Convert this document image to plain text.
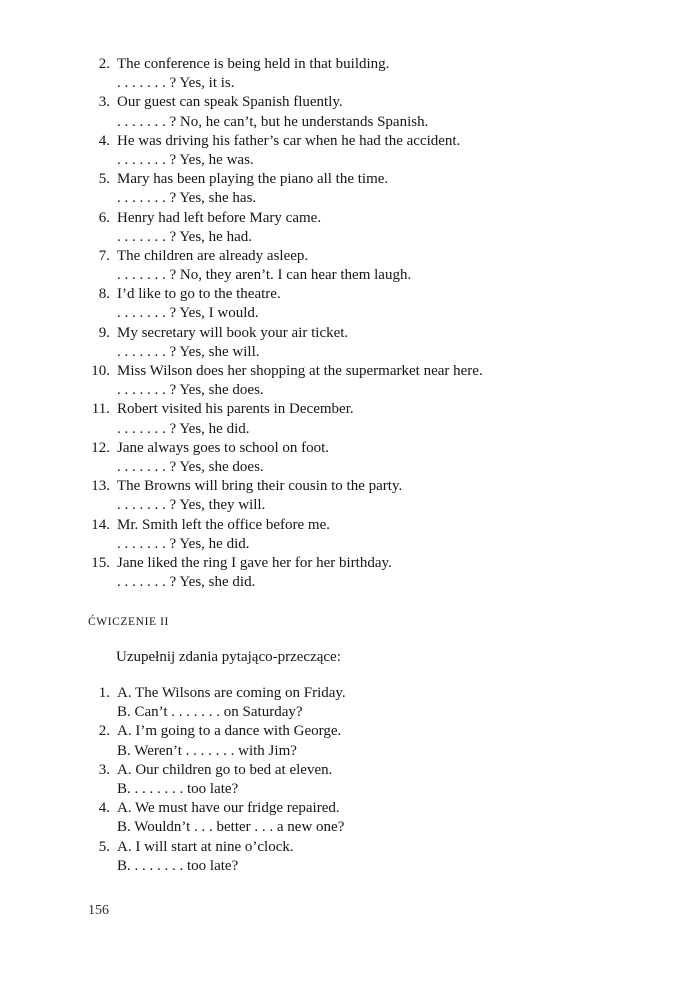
2. The conference is being held in that building.
. . . . . . . ? Yes, it is.
3. Our guest can speak Spanish fluently.
. . . . . . . ? No, he can’t, but he understands Spanish.
4. He was driving his father’s car when he had the accident.
. . . . . . . ? Yes, he was.
5. Mary has been playing the piano all the time.
. . . . . . . ? Yes, she has.
6. Henry had left before Mary came.
. . . . . . . ? Yes, he had.
7. The children are already asleep.
. . . . . . . ? No, they aren’t. I can hear them laugh.
8. I’d like to go to the theatre.
. . . . . . . ? Yes, I would.
9. My secretary will book your air ticket.
. . . . . . . ? Yes, she will.
10. Miss Wilson does her shopping at the supermarket near here.
. . . . . . . ? Yes, she does.
11. Robert visited his parents in December.
. . . . . . . ? Yes, he did.
12. Jane always goes to school on foot.
. . . . . . . ? Yes, she does.
13. The Browns will bring their cousin to the party.
. . . . . . . ? Yes, they will.
14. Mr. Smith left the office before me.
. . . . . . . ? Yes, he did.
15. Jane liked the ring I gave her for her birthday.
. . . . . . . ? Yes, she did.
ĆWICZENIE II
Uzupełnij zdania pytająco-przeczące:
1. A. The Wilsons are coming on Friday.
B. Can’t . . . . . . . on Saturday?
2. A. I’m going to a dance with George.
B. Weren’t . . . . . . . with Jim?
3. A. Our children go to bed at eleven.
B. . . . . . . . too late?
4. A. We must have our fridge repaired.
B. Wouldn’t . . . better . . . a new one?
5. A. I will start at nine o’clock.
B. . . . . . . . too late?
156
